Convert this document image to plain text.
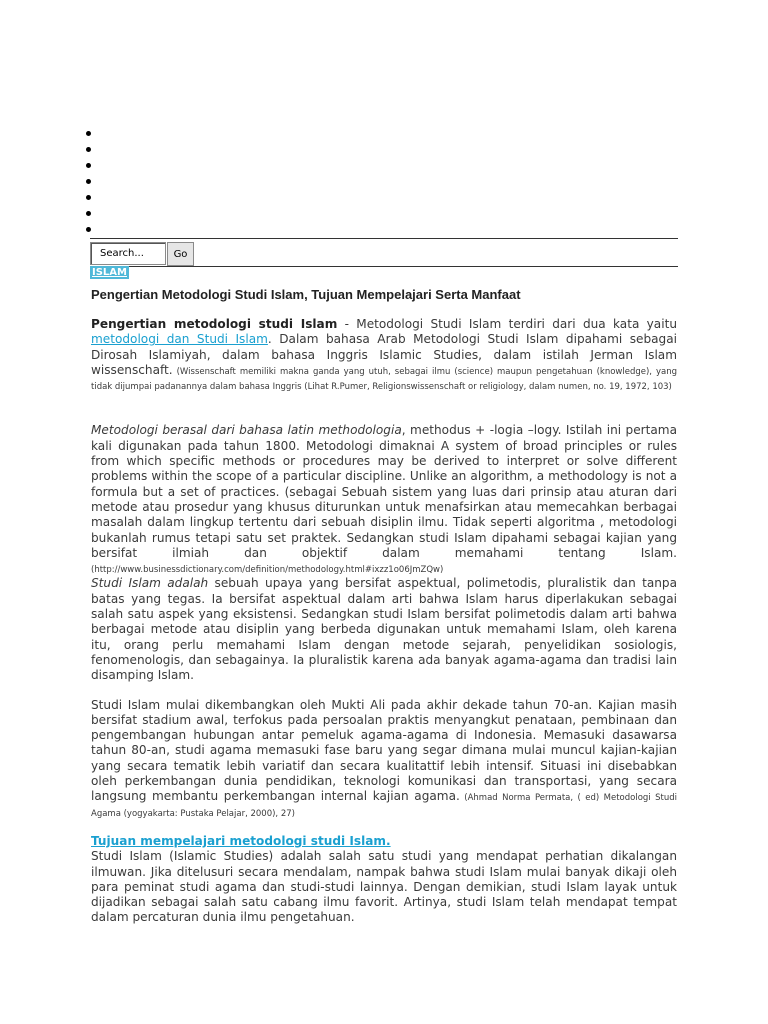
Search...
Go
ISLAM
Pengertian Metodologi Studi Islam, Tujuan Mempelajari Serta Manfaat

Pengertian metodologi studi Islam - Metodologi Studi Islam terdiri dari dua kata yaitu metodologi dan Studi Islam. Dalam bahasa Arab Metodologi Studi Islam dipahami sebagai Dirosah Islamiyah, dalam bahasa Inggris Islamic Studies, dalam istilah Jerman Islam wissenschaft. (Wissenschaft memiliki makna ganda yang utuh, sebagai ilmu (science) maupun pengetahuan (knowledge), yang tidak dijumpai padanannya dalam bahasa Inggris (Lihat R.Pumer, Religionswissenschaft or religiology, dalam numen, no. 19, 1972, 103)

Metodologi berasal dari bahasa latin methodologia, methodus + -logia –logy. Istilah ini pertama kali digunakan pada tahun 1800. Metodologi dimaknai A system of broad principles or rules from which specific methods or procedures may be derived to interpret or solve different problems within the scope of a particular discipline. Unlike an algorithm, a methodology is not a formula but a set of practices. (sebagai Sebuah sistem yang luas dari prinsip atau aturan dari metode atau prosedur yang khusus diturunkan untuk menafsirkan atau memecahkan berbagai masalah dalam lingkup tertentu dari sebuah disiplin ilmu. Tidak seperti algoritma , metodologi bukanlah rumus tetapi satu set praktek. Sedangkan studi Islam dipahami sebagai kajian yang bersifat ilmiah dan objektif dalam memahami tentang Islam. (http://www.businessdictionary.com/definition/methodology.html#ixzz1o06JmZQw)

Studi Islam adalah sebuah upaya yang bersifat aspektual, polimetodis, pluralistik dan tanpa batas yang tegas. Ia bersifat aspektual dalam arti bahwa Islam harus diperlakukan sebagai salah satu aspek yang eksistensi. Sedangkan studi Islam bersifat polimetodis dalam arti bahwa berbagai metode atau disiplin yang berbeda digunakan untuk memahami Islam, oleh karena itu, orang perlu memahami Islam dengan metode sejarah, penyelidikan sosiologis, fenomenologis, dan sebagainya. Ia pluralistik karena ada banyak agama-agama dan tradisi lain disamping Islam.

Studi Islam mulai dikembangkan oleh Mukti Ali pada akhir dekade tahun 70-an. Kajian masih bersifat stadium awal, terfokus pada persoalan praktis menyangkut penataan, pembinaan dan pengembangan hubungan antar pemeluk agama-agama di Indonesia. Memasuki dasawarsa tahun 80-an, studi agama memasuki fase baru yang segar dimana mulai muncul kajian-kajian yang secara tematik lebih variatif dan secara kualitattif lebih intensif. Situasi ini disebabkan oleh perkembangan dunia pendidikan, teknologi komunikasi dan transportasi, yang secara langsung membantu perkembangan internal kajian agama. (Ahmad Norma Permata, ( ed) Metodologi Studi Agama (yogyakarta: Pustaka Pelajar, 2000), 27)

Tujuan mempelajari metodologi studi Islam.
Studi Islam (Islamic Studies) adalah salah satu studi yang mendapat perhatian dikalangan ilmuwan. Jika ditelusuri secara mendalam, nampak bahwa studi Islam mulai banyak dikaji oleh para peminat studi agama dan studi-studi lainnya. Dengan demikian, studi Islam layak untuk dijadikan sebagai salah satu cabang ilmu favorit. Artinya, studi Islam telah mendapat tempat dalam percaturan dunia ilmu pengetahuan.
